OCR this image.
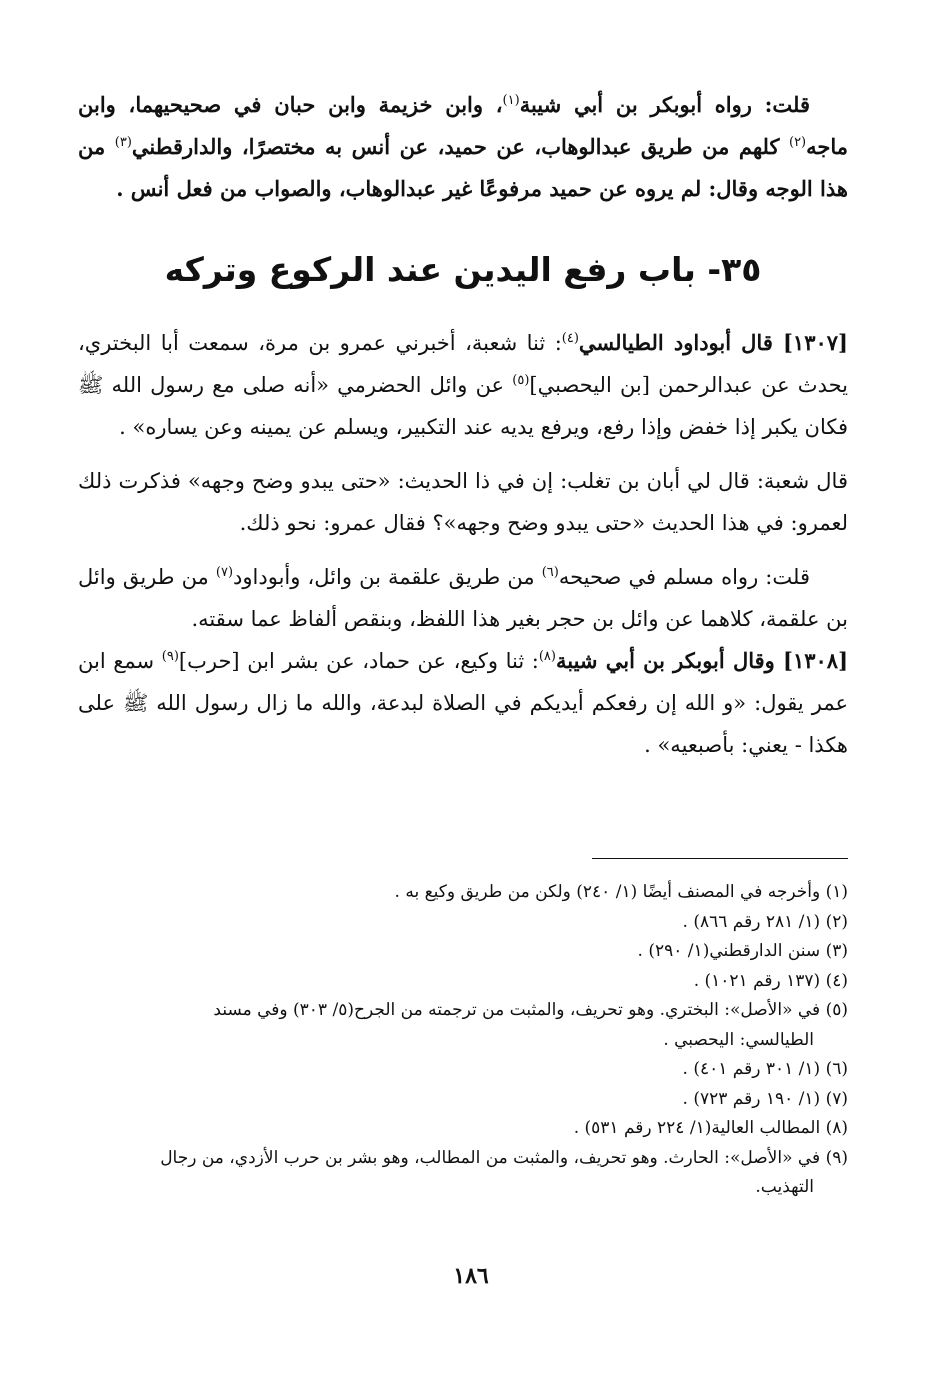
قلت: رواه أبوبكر بن أبي شيبة$^{(١)}$، وابن خزيمة وابن حبان في صحيحيهما، وابن ماجه$^{(٢)}$ كلهم من طريق عبدالوهاب، عن حميد، عن أنس به مختصرًا، والدارقطني$^{(٣)}$ من هذا الوجه وقال: لم يروه عن حميد مرفوعًا غير عبدالوهاب، والصواب من فعل أنس .

٣٥- باب رفع اليدين عند الركوع وتركه

[١٣٠٧] قال أبوداود الطيالسي$^{(٤)}$: ثنا شعبة، أخبرني عمرو بن مرة، سمعت أبا البختري، يحدث عن عبدالرحمن [بن اليحصبي]$^{(٥)}$ عن وائل الحضرمي «أنه صلى مع رسول الله ﷺ فكان يكبر إذا خفض وإذا رفع، ويرفع يديه عند التكبير، ويسلم عن يمينه وعن يساره» .

قال شعبة: قال لي أبان بن تغلب: إن في ذا الحديث: «حتى يبدو وضح وجهه» فذكرت ذلك لعمرو: في هذا الحديث «حتى يبدو وضح وجهه»؟ فقال عمرو: نحو ذلك.

قلت: رواه مسلم في صحيحه$^{(٦)}$ من طريق علقمة بن وائل، وأبوداود$^{(٧)}$ من طريق وائل بن علقمة، كلاهما عن وائل بن حجر بغير هذا اللفظ، وبنقص ألفاظ عما سقته.

[١٣٠٨] وقال أبوبكر بن أبي شيبة$^{(٨)}$: ثنا وكيع، عن حماد، عن بشر ابن [حرب]$^{(٩)}$ سمع ابن عمر يقول: «و الله إن رفعكم أيديكم في الصلاة لبدعة، والله ما زال رسول الله ﷺ على هكذا - يعني: بأصبعيه» .

(١) وأخرجه في المصنف أيضًا (١/ ٢٤٠) ولكن من طريق وكيع به .

(٢) (١/ ٢٨١ رقم ٨٦٦) .

(٣) سنن الدارقطني(١/ ٢٩٠) .

(٤) (١٣٧ رقم ١٠٢١) .

(٥) في «الأصل»: البختري. وهو تحريف، والمثبت من ترجمته من الجرح(٥/ ٣٠٣) وفي مسند
الطيالسي: اليحصبي .

(٦) (١/ ٣٠١ رقم ٤٠١) .

(٧) (١/ ١٩٠ رقم ٧٢٣) .

(٨) المطالب العالية(١/ ٢٢٤ رقم ٥٣١) .

(٩) في «الأصل»: الحارث. وهو تحريف، والمثبت من المطالب، وهو بشر بن حرب الأزدي، من رجال
التهذيب.

١٨٦
